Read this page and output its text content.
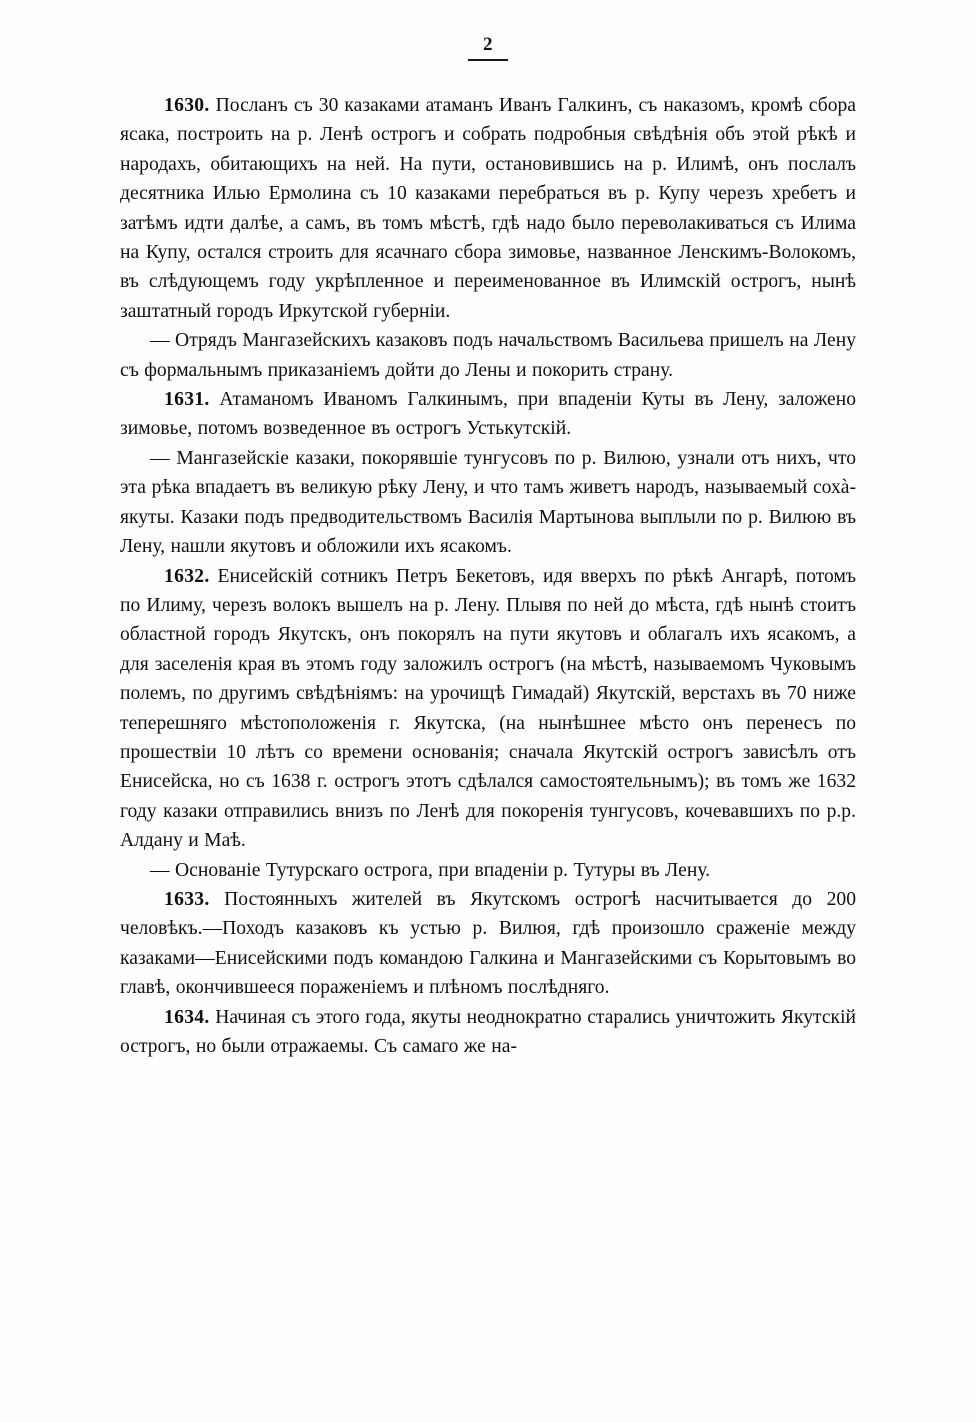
2

1630. Посланъ съ 30 казаками атаманъ Иванъ Галкинъ, съ наказомъ, кромѣ сбора ясака, построить на р. Ленѣ острогъ и собрать подробныя свѣдѣнія объ этой рѣкѣ и народахъ, обитающихъ на ней. На пути, остановившись на р. Илимѣ, онъ послалъ десятника Илью Ермолина съ 10 казаками перебраться въ р. Купу черезъ хребетъ и затѣмъ идти далѣе, а самъ, въ томъ мѣстѣ, гдѣ надо было переволакиваться съ Илима на Купу, остался строить для ясачнаго сбора зимовье, названное Ленскимъ-Волокомъ, въ слѣдующемъ году укрѣпленное и переименованное въ Илимскій острогъ, нынѣ заштатный городъ Иркутской губерніи.

— Отрядъ Мангазейскихъ казаковъ подъ начальствомъ Васильева пришелъ на Лену съ формальнымъ приказаніемъ дойти до Лены и покорить страну.

1631. Атаманомъ Иваномъ Галкинымъ, при впаденіи Куты въ Лену, заложено зимовье, потомъ возведенное въ острогъ Устькутскій.

— Мангазейскіе казаки, покорявшіе тунгусовъ по р. Вилюю, узнали отъ нихъ, что эта рѣка впадаетъ въ великую рѣку Лену, и что тамъ живетъ народъ, называемый сохà-якуты. Казаки подъ предводительствомъ Василія Мартынова выплыли по р. Вилюю въ Лену, нашли якутовъ и обложили ихъ ясакомъ.

1632. Енисейскій сотникъ Петръ Бекетовъ, идя вверхъ по рѣкѣ Ангарѣ, потомъ по Илиму, черезъ волокъ вышелъ на р. Лену. Плывя по ней до мѣста, гдѣ нынѣ стоитъ областной городъ Якутскъ, онъ покорялъ на пути якутовъ и облагалъ ихъ ясакомъ, а для заселенія края въ этомъ году заложилъ острогъ (на мѣстѣ, называемомъ Чуковымъ полемъ, по другимъ свѣдѣніямъ: на урочищѣ Гимадай) Якутскій, верстахъ въ 70 ниже теперешняго мѣстоположенія г. Якутска, (на нынѣшнее мѣсто онъ перенесъ по прошествіи 10 лѣтъ со времени основанія; сначала Якутскій острогъ зависѣлъ отъ Енисейска, но съ 1638 г. острогъ этотъ сдѣлался самостоятельнымъ); въ томъ же 1632 году казаки отправились внизъ по Ленѣ для покоренія тунгусовъ, кочевавшихъ по р.р. Алдану и Маѣ.

— Основаніе Тутурскаго острога, при впаденіи р. Тутуры въ Лену.

1633. Постоянныхъ жителей въ Якутскомъ острогѣ насчитывается до 200 человѣкъ.—Походъ казаковъ къ устью р. Вилюя, гдѣ произошло сраженіе между казаками—Енисейскими подъ командою Галкина и Мангазейскими съ Корытовымъ во главѣ, окончившееся пораженіемъ и плѣномъ послѣдняго.

1634. Начиная съ этого года, якуты неоднократно старались уничтожить Якутскій острогъ, но были отражаемы. Съ самаго же на-
